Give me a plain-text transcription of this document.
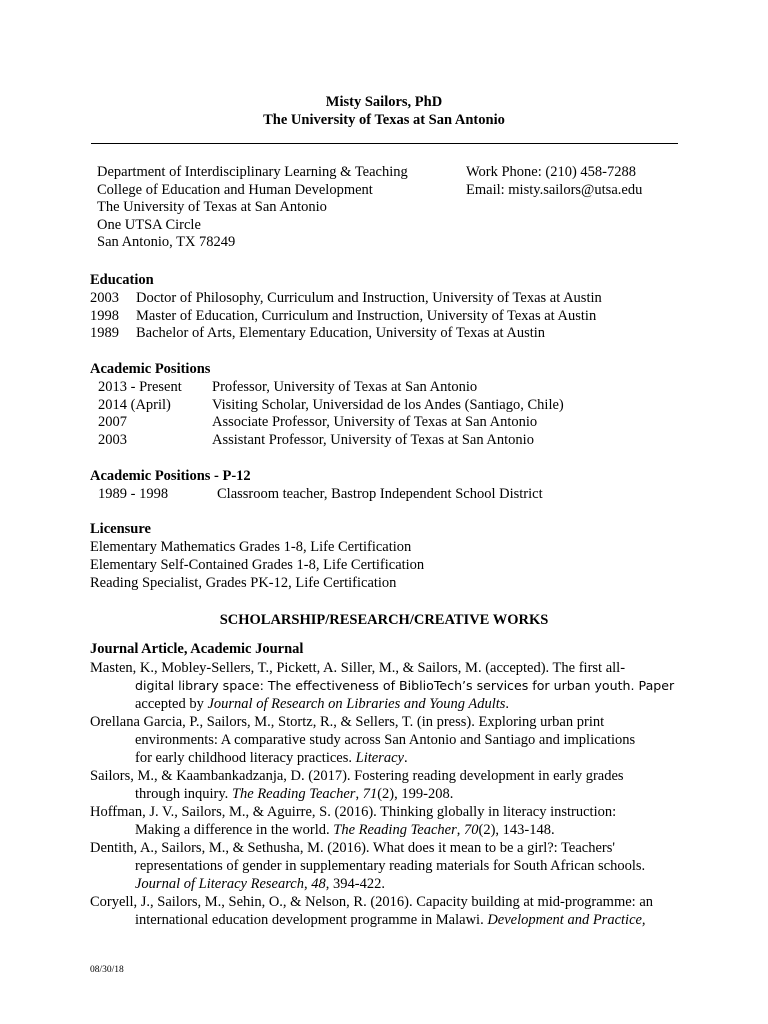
Misty Sailors, PhD
The University of Texas at San Antonio
Department of Interdisciplinary Learning & Teaching
College of Education and Human Development
The University of Texas at San Antonio
One UTSA Circle
San Antonio, TX 78249
Work Phone: (210) 458-7288
Email: misty.sailors@utsa.edu
Education
2003 Doctor of Philosophy, Curriculum and Instruction, University of Texas at Austin
1998 Master of Education, Curriculum and Instruction, University of Texas at Austin
1989 Bachelor of Arts, Elementary Education, University of Texas at Austin
Academic Positions
2013 - Present Professor, University of Texas at San Antonio
2014 (April)	Visiting Scholar, Universidad de los Andes (Santiago, Chile)
2007	Associate Professor, University of Texas at San Antonio
2003	Assistant Professor, University of Texas at San Antonio
Academic Positions - P-12
1989 - 1998	Classroom teacher, Bastrop Independent School District
Licensure
Elementary Mathematics Grades 1-8, Life Certification
Elementary Self-Contained Grades 1-8, Life Certification
Reading Specialist, Grades PK-12, Life Certification
SCHOLARSHIP/RESEARCH/CREATIVE WORKS
Journal Article, Academic Journal
Masten, K., Mobley-Sellers, T., Pickett, A. Siller, M., & Sailors, M. (accepted). The first all-
digital library space: The effectiveness of BiblioTech’s services for urban youth. Paper
accepted by Journal of Research on Libraries and Young Adults.
Orellana Garcia, P., Sailors, M., Stortz, R., & Sellers, T. (in press). Exploring urban print
environments: A comparative study across San Antonio and Santiago and implications
for early childhood literacy practices. Literacy.
Sailors, M., & Kaambankadzanja, D. (2017). Fostering reading development in early grades
through inquiry. The Reading Teacher, 71(2), 199-208.
Hoffman, J. V., Sailors, M., & Aguirre, S. (2016). Thinking globally in literacy instruction:
Making a difference in the world. The Reading Teacher, 70(2), 143-148.
Dentith, A., Sailors, M., & Sethusha, M. (2016). What does it mean to be a girl?: Teachers'
representations of gender in supplementary reading materials for South African schools.
Journal of Literacy Research, 48, 394-422.
Coryell, J., Sailors, M., Sehin, O., & Nelson, R. (2016). Capacity building at mid-programme: an
international education development programme in Malawi. Development and Practice,
08/30/18
